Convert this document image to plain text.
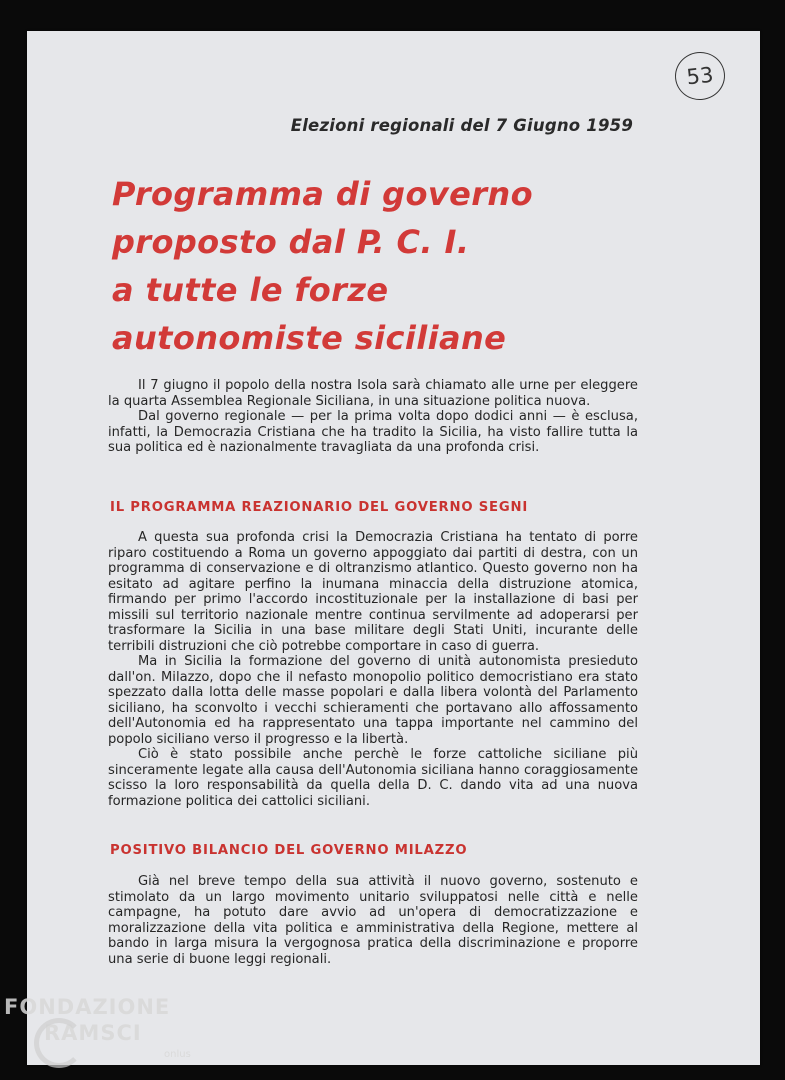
53
Elezioni regionali del 7 Giugno 1959
Programma di governo
proposto dal P. C. I.
a tutte le forze
autonomiste siciliane

Il 7 giugno il popolo della nostra Isola sarà chiamato alle urne per eleggere la quarta Assemblea Regionale Siciliana, in una situazione politica nuova.

Dal governo regionale — per la prima volta dopo dodici anni — è esclusa, infatti, la Democrazia Cristiana che ha tradito la Sicilia, ha visto fallire tutta la sua politica ed è nazionalmente travagliata da una profonda crisi.

IL PROGRAMMA REAZIONARIO DEL GOVERNO SEGNI

A questa sua profonda crisi la Democrazia Cristiana ha tentato di porre riparo costituendo a Roma un governo appoggiato dai partiti di destra, con un programma di conservazione e di oltranzismo atlantico. Questo governo non ha esitato ad agitare perfino la inumana minaccia della distruzione atomica, firmando per primo l'accordo incostituzionale per la installazione di basi per missili sul territorio nazionale mentre continua servilmente ad adoperarsi per trasformare la Sicilia in una base militare degli Stati Uniti, incurante delle terribili distruzioni che ciò potrebbe comportare in caso di guerra.

Ma in Sicilia la formazione del governo di unità autonomista presieduto dall'on. Milazzo, dopo che il nefasto monopolio politico democristiano era stato spezzato dalla lotta delle masse popolari e dalla libera volontà del Parlamento siciliano, ha sconvolto i vecchi schieramenti che portavano allo affossamento dell'Autonomia ed ha rappresentato una tappa importante nel cammino del popolo siciliano verso il progresso e la libertà.

Ciò è stato possibile anche perchè le forze cattoliche siciliane più sinceramente legate alla causa dell'Autonomia siciliana hanno coraggiosamente scisso la loro responsabilità da quella della D. C. dando vita ad una nuova formazione politica dei cattolici siciliani.

POSITIVO BILANCIO DEL GOVERNO MILAZZO

Già nel breve tempo della sua attività il nuovo governo, sostenuto e stimolato da un largo movimento unitario sviluppatosi nelle città e nelle campagne, ha potuto dare avvio ad un'opera di democratizzazione e moralizzazione della vita politica e amministrativa della Regione, mettere al bando in larga misura la vergognosa pratica della discriminazione e proporre una serie di buone leggi regionali.

FONDAZIONE
RAMSCI
onlus
